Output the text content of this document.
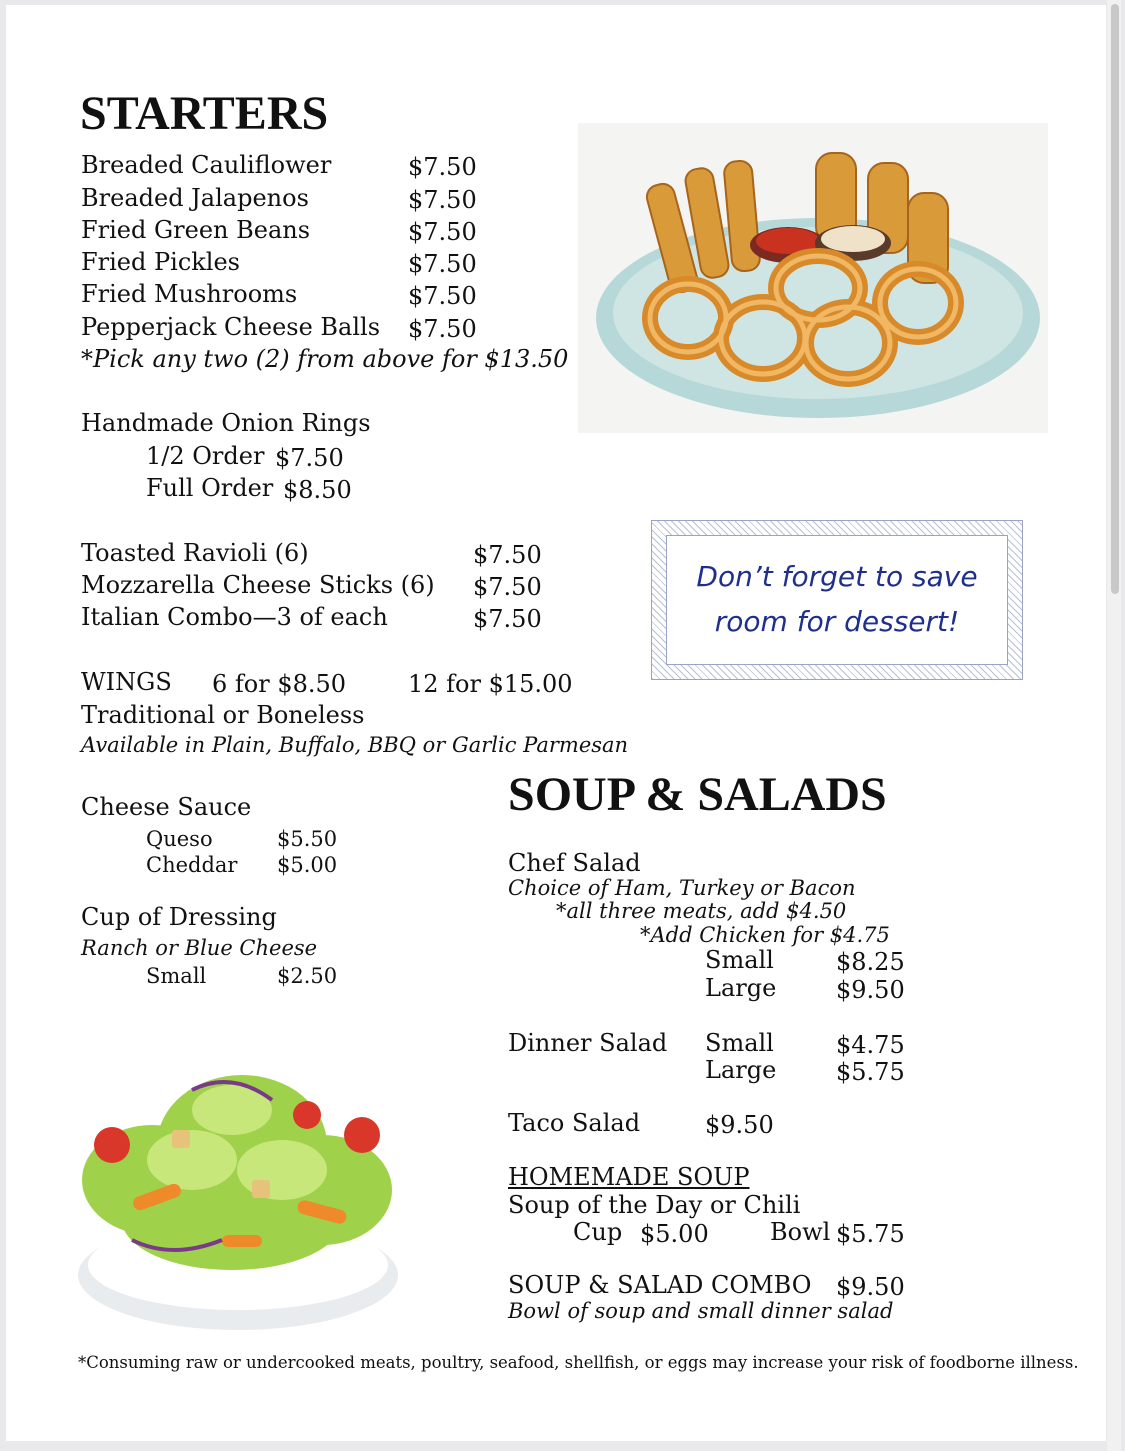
STARTERS
Breaded Cauliflower	$7.50
Breaded Jalapenos	$7.50
Fried Green Beans	$7.50
Fried Pickles	$7.50
Fried Mushrooms	$7.50
Pepperjack Cheese Balls $7.50
*Pick any two (2) from above for $13.50
Handmade Onion Rings
1/2 Order $7.50
Full Order $8.50
Toasted Ravioli (6)	$7.50
Mozzarella Cheese Sticks (6) $7.50
Italian Combo—3 of each	$7.50
WINGS 6 for $8.50	12 for $15.00
Traditional or Boneless
Available in Plain, Buffalo, BBQ or Garlic Parmesan
Cheese Sauce
Queso	$5.50
Cheddar $5.00
Cup of Dressing
Ranch or Blue Cheese
Small	$2.50
Don’t forget to save
room for dessert!
SOUP & SALADS
Chef Salad
Choice of Ham, Turkey or Bacon
*all three meats, add $4.50
*Add Chicken for $4.75
Small	$8.25
Large $9.50
Dinner Salad Small	$4.75
Large $5.75
Taco Salad	$9.50
HOMEMADE SOUP
Soup of the Day or Chili
Cup $5.00	Bowl $5.75
SOUP & SALAD COMBO $9.50
Bowl of soup and small dinner salad
*Consuming raw or undercooked meats, poultry, seafood, shellfish, or eggs may increase your risk of foodborne illness.
